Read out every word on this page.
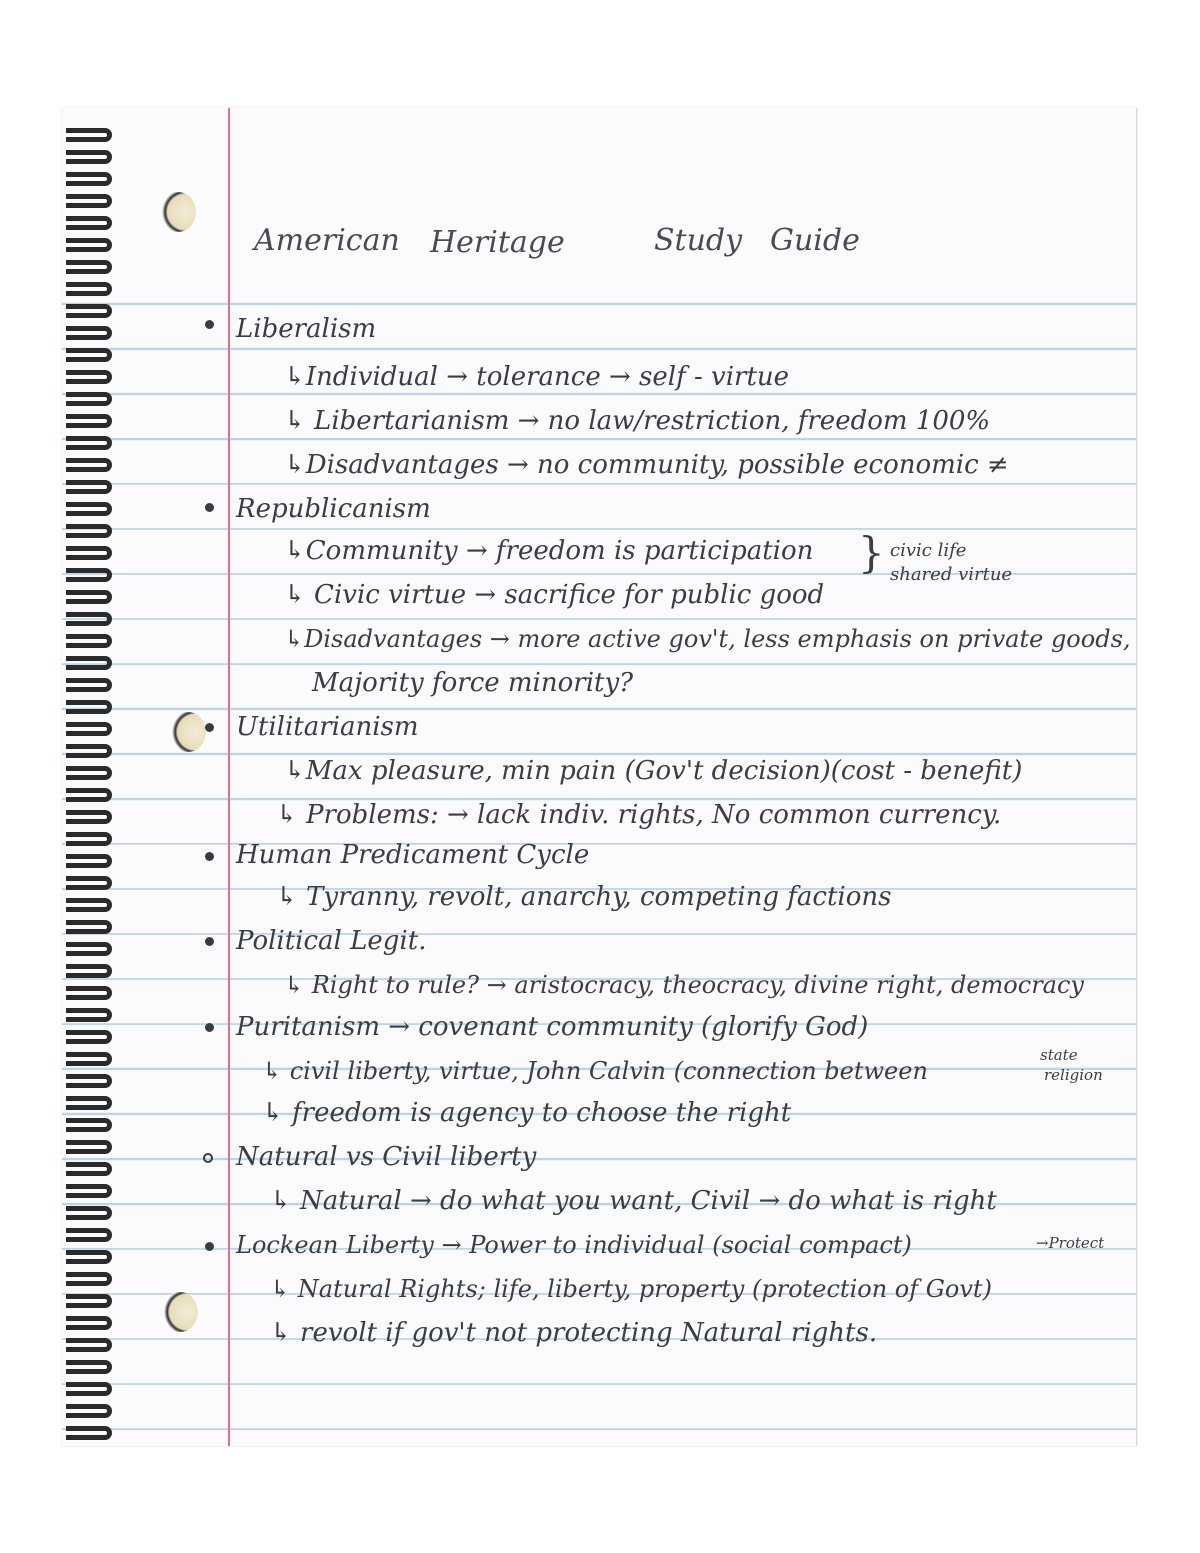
American Heritage	Study Guide

Liberalism

↳Individual → tolerance → self - virtue

↳ Libertarianism → no law/restriction, freedom 100%

↳Disadvantages → no community, possible economic ≠

Republicanism

↳Community → freedom is participation

↳ Civic virtue → sacrifice for public good

} civic life

shared virtue

↳Disadvantages → more active gov't, less emphasis on private goods,

Majority force minority?

Utilitarianism

↳Max pleasure, min pain (Gov't decision)(cost - benefit)

↳ Problems: → lack indiv. rights, No common currency.

Human Predicament Cycle

↳ Tyranny, revolt, anarchy, competing factions

Political Legit.

↳ Right to rule? → aristocracy, theocracy, divine right, democracy

Puritanism → covenant community (glorify God)

state

↳ civil liberty, virtue, John Calvin (connection between	religion

↳ freedom is agency to choose the right

Natural vs Civil liberty

↳ Natural → do what you want, Civil → do what is right

Lockean Liberty → Power to individual (social compact)	→Protect

↳ Natural Rights; life, liberty, property (protection of Govt)

↳ revolt if gov't not protecting Natural rights.
